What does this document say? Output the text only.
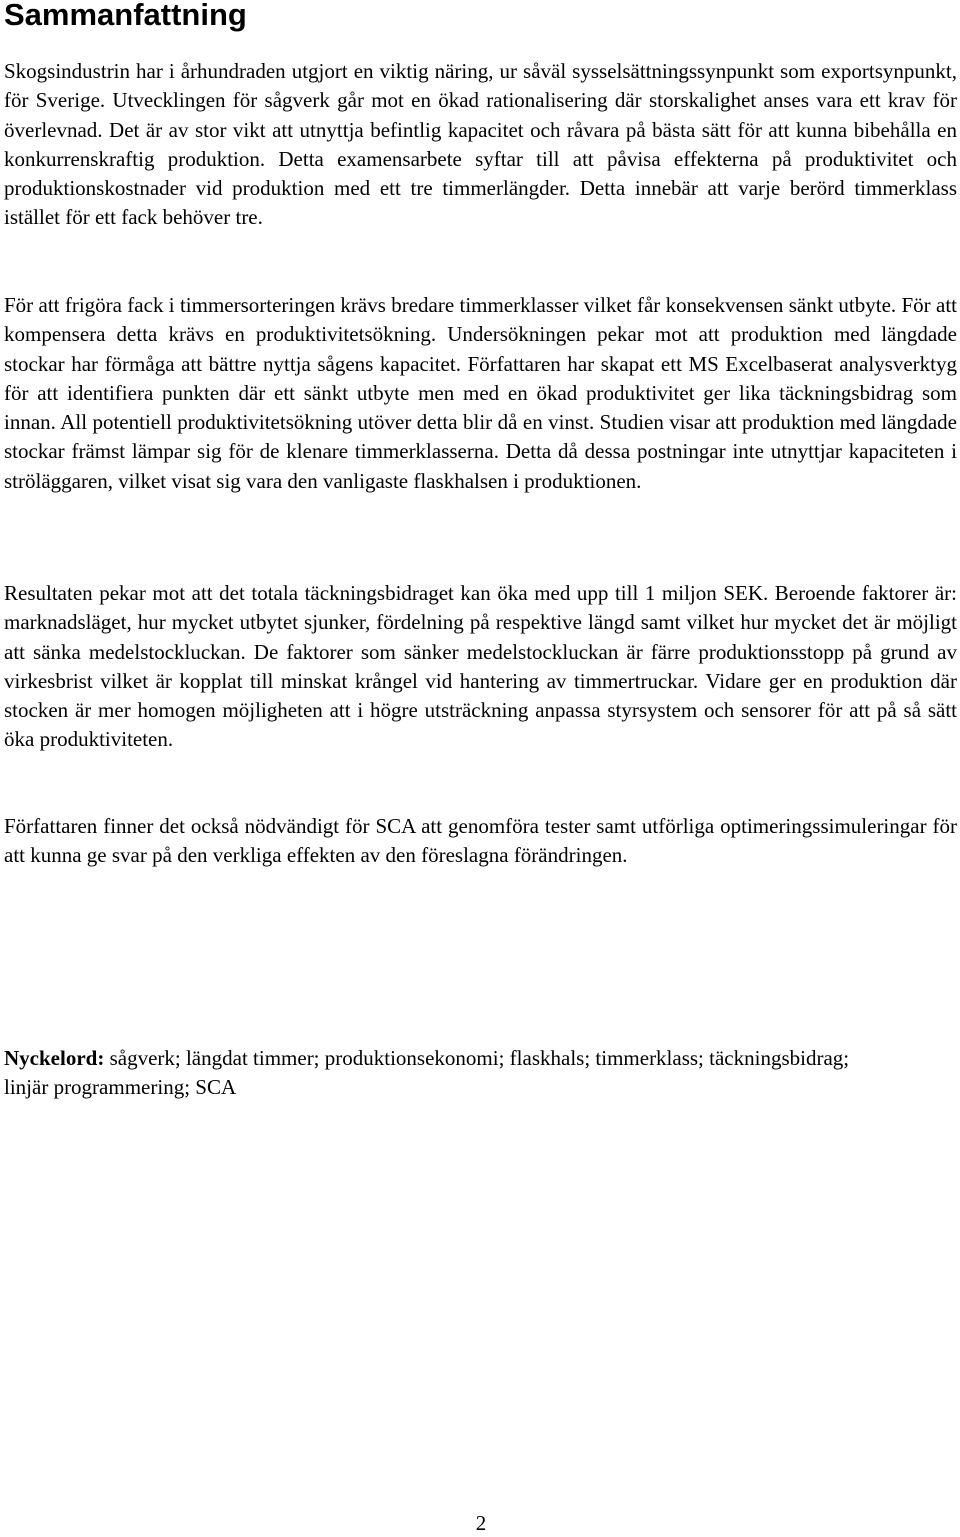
Sammanfattning

Skogsindustrin har i århundraden utgjort en viktig näring, ur såväl sysselsättningssynpunkt som exportsynpunkt, för Sverige. Utvecklingen för sågverk går mot en ökad rationalisering där storskalighet anses vara ett krav för överlevnad. Det är av stor vikt att utnyttja befintlig kapacitet och råvara på bästa sätt för att kunna bibehålla en konkurrenskraftig produktion. Detta examensarbete syftar till att påvisa effekterna på produktivitet och produktionskostnader vid produktion med ett tre timmerlängder. Detta innebär att varje berörd timmerklass istället för ett fack behöver tre.

För att frigöra fack i timmersorteringen krävs bredare timmerklasser vilket får konsekvensen sänkt utbyte. För att kompensera detta krävs en produktivitetsökning. Undersökningen pekar mot att produktion med längdade stockar har förmåga att bättre nyttja sågens kapacitet. Författaren har skapat ett MS Excelbaserat analysverktyg för att identifiera punkten där ett sänkt utbyte men med en ökad produktivitet ger lika täckningsbidrag som innan. All potentiell produktivitetsökning utöver detta blir då en vinst. Studien visar att produktion med längdade stockar främst lämpar sig för de klenare timmerklasserna. Detta då dessa postningar inte utnyttjar kapaciteten i ströläggaren, vilket visat sig vara den vanligaste flaskhalsen i produktionen.

Resultaten pekar mot att det totala täckningsbidraget kan öka med upp till 1 miljon SEK. Beroende faktorer är: marknadsläget, hur mycket utbytet sjunker, fördelning på respektive längd samt vilket hur mycket det är möjligt att sänka medelstockluckan. De faktorer som sänker medelstockluckan är färre produktionsstopp på grund av virkesbrist vilket är kopplat till minskat krångel vid hantering av timmertruckar. Vidare ger en produktion där stocken är mer homogen möjligheten att i högre utsträckning anpassa styrsystem och sensorer för att på så sätt öka produktiviteten.

Författaren finner det också nödvändigt för SCA att genomföra tester samt utförliga optimeringssimuleringar för att kunna ge svar på den verkliga effekten av den föreslagna förändringen.

Nyckelord: sågverk; längdat timmer; produktionsekonomi; flaskhals; timmerklass; täckningsbidrag; linjär programmering; SCA

2
